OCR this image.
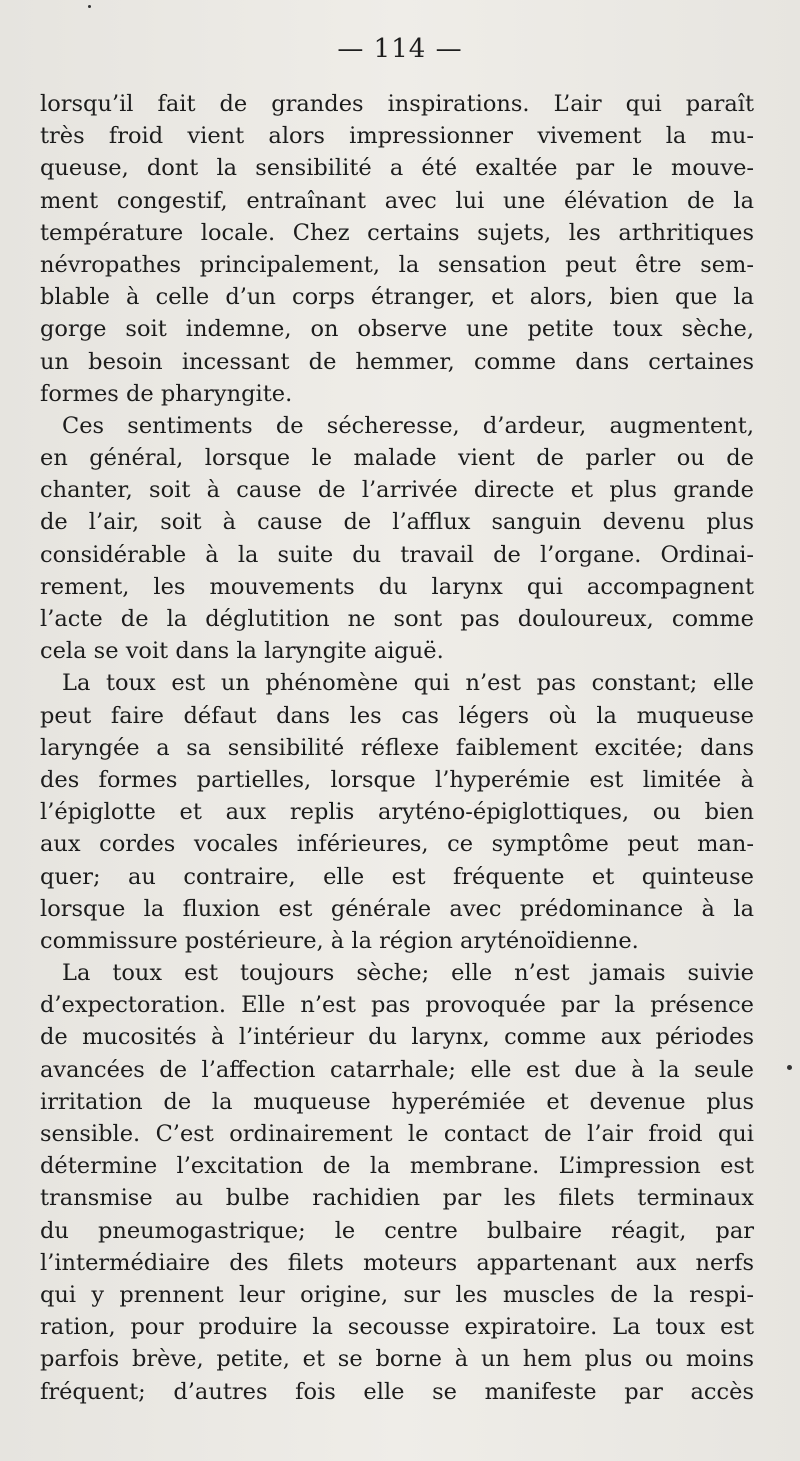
— 114 —
lorsqu’il fait de grandes inspirations. L’air qui paraît
très froid vient alors impressionner vivement la mu-
queuse, dont la sensibilité a été exaltée par le mouve-
ment congestif, entraînant avec lui une élévation de la
température locale. Chez certains sujets, les arthritiques
névropathes principalement, la sensation peut être sem-
blable à celle d’un corps étranger, et alors, bien que la
gorge soit indemne, on observe une petite toux sèche,
un besoin incessant de hemmer, comme dans certaines
formes de pharyngite.
Ces sentiments de sécheresse, d’ardeur, augmentent,
en général, lorsque le malade vient de parler ou de
chanter, soit à cause de l’arrivée directe et plus grande
de l’air, soit à cause de l’afflux sanguin devenu plus
considérable à la suite du travail de l’organe. Ordinai-
rement, les mouvements du larynx qui accompagnent
l’acte de la déglutition ne sont pas douloureux, comme
cela se voit dans la laryngite aiguë.
La toux est un phénomène qui n’est pas constant; elle
peut faire défaut dans les cas légers où la muqueuse
laryngée a sa sensibilité réflexe faiblement excitée; dans
des formes partielles, lorsque l’hyperémie est limitée à
l’épiglotte et aux replis aryténo-épiglottiques, ou bien
aux cordes vocales inférieures, ce symptôme peut man-
quer; au contraire, elle est fréquente et quinteuse
lorsque la fluxion est générale avec prédominance à la
commissure postérieure, à la région aryténoïdienne.
La toux est toujours sèche; elle n’est jamais suivie
d’expectoration. Elle n’est pas provoquée par la présence
de mucosités à l’intérieur du larynx, comme aux périodes
avancées de l’affection catarrhale; elle est due à la seule
irritation de la muqueuse hyperémiée et devenue plus
sensible. C’est ordinairement le contact de l’air froid qui
détermine l’excitation de la membrane. L’impression est
transmise au bulbe rachidien par les filets terminaux
du pneumogastrique; le centre bulbaire réagit, par
l’intermédiaire des filets moteurs appartenant aux nerfs
qui y prennent leur origine, sur les muscles de la respi-
ration, pour produire la secousse expiratoire. La toux est
parfois brève, petite, et se borne à un hem plus ou moins
fréquent; d’autres fois elle se manifeste par accès
